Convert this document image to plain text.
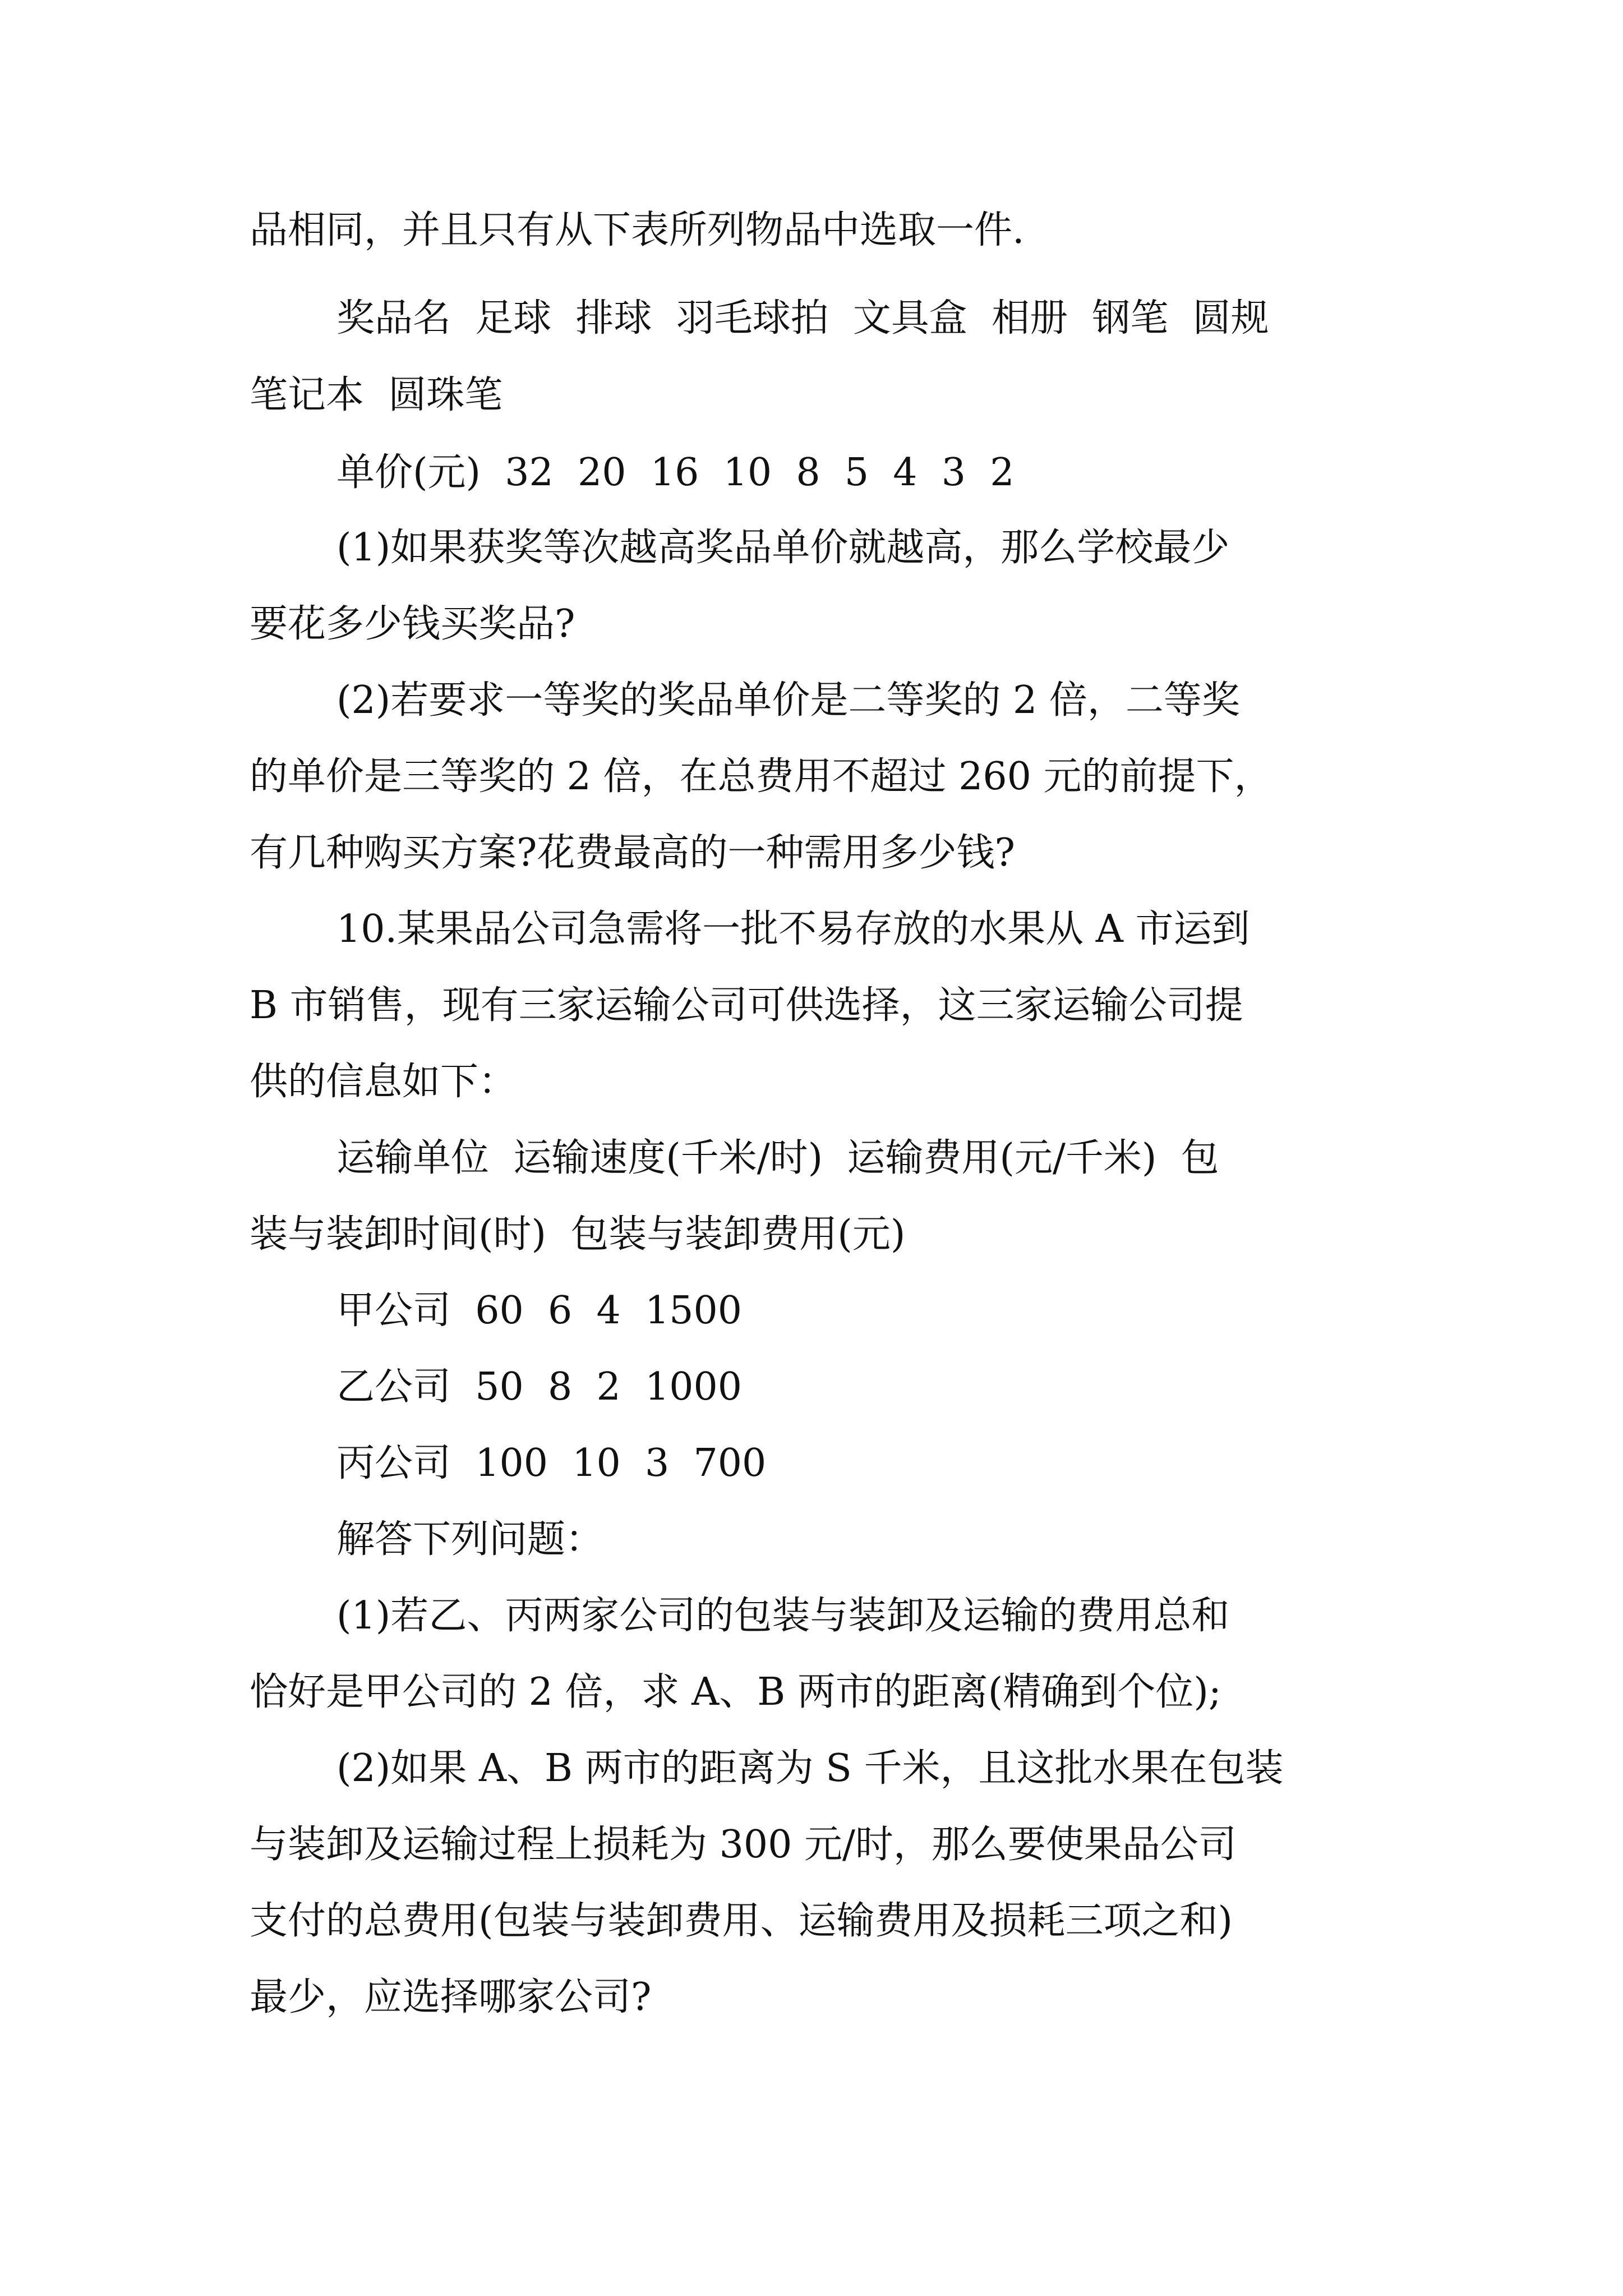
品相同，并且只有从下表所列物品中选取一件.
奖品名  足球  排球  羽毛球拍  文具盒  相册  钢笔  圆规
笔记本  圆珠笔
单价(元)  32  20  16  10  8  5  4  3  2
(1)如果获奖等次越高奖品单价就越高，那么学校最少
要花多少钱买奖品?
(2)若要求一等奖的奖品单价是二等奖的 2 倍，二等奖
的单价是三等奖的 2 倍，在总费用不超过 260 元的前提下，
有几种购买方案?花费最高的一种需用多少钱?
10.某果品公司急需将一批不易存放的水果从 A 市运到
B 市销售，现有三家运输公司可供选择，这三家运输公司提
供的信息如下：
运输单位  运输速度(千米/时)  运输费用(元/千米)  包
装与装卸时间(时)  包装与装卸费用(元)
甲公司  60  6  4  1500
乙公司  50  8  2  1000
丙公司  100  10  3  700
解答下列问题：
(1)若乙、丙两家公司的包装与装卸及运输的费用总和
恰好是甲公司的 2 倍，求 A、B 两市的距离(精确到个位);
(2)如果 A、B 两市的距离为 S 千米，且这批水果在包装
与装卸及运输过程上损耗为 300 元/时，那么要使果品公司
支付的总费用(包装与装卸费用、运输费用及损耗三项之和)
最少，应选择哪家公司?
